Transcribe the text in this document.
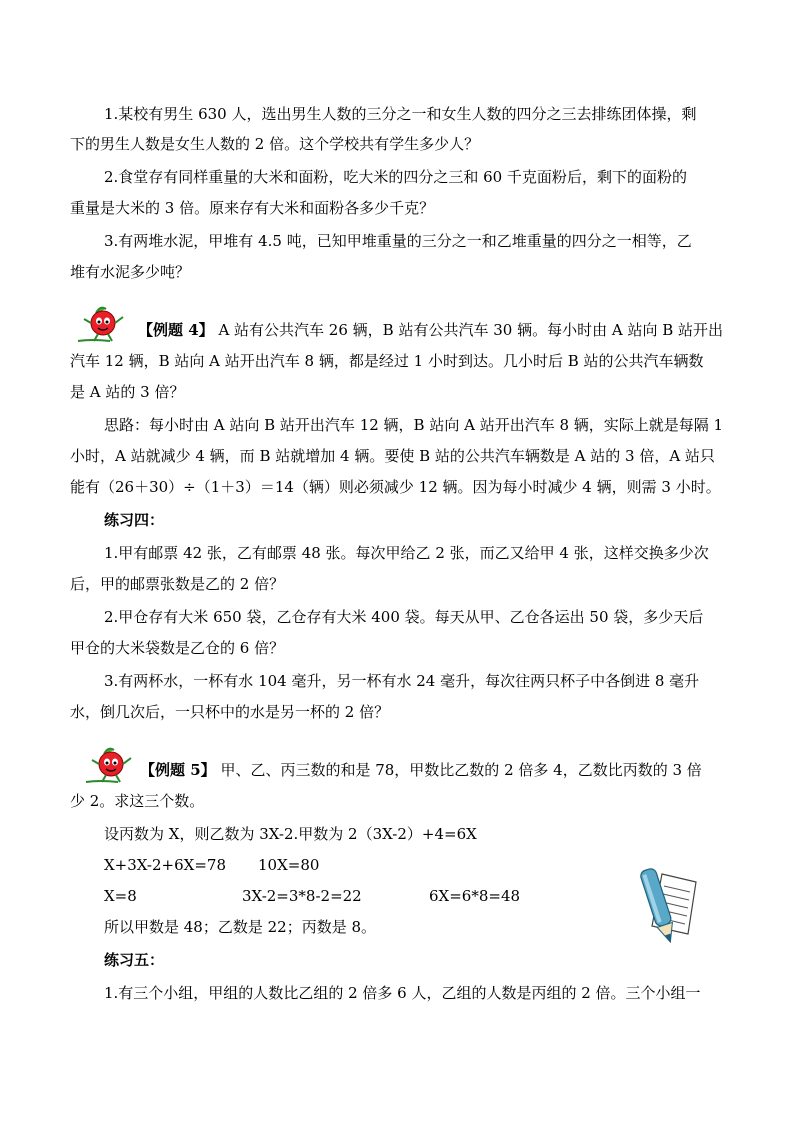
1.某校有男生 630 人，选出男生人数的三分之一和女生人数的四分之三去排练团体操，剩
下的男生人数是女生人数的 2 倍。这个学校共有学生多少人？
2.食堂存有同样重量的大米和面粉，吃大米的四分之三和 60 千克面粉后，剩下的面粉的
重量是大米的 3 倍。原来存有大米和面粉各多少千克？
3.有两堆水泥，甲堆有 4.5 吨，已知甲堆重量的三分之一和乙堆重量的四分之一相等，乙
堆有水泥多少吨？
【例题 4】 A 站有公共汽车 26 辆，B 站有公共汽车 30 辆。每小时由 A 站向 B 站开出
汽车 12 辆，B 站向 A 站开出汽车 8 辆，都是经过 1 小时到达。几小时后 B 站的公共汽车辆数
是 A 站的 3 倍？
思路：每小时由 A 站向 B 站开出汽车 12 辆，B 站向 A 站开出汽车 8 辆，实际上就是每隔 1
小时，A 站就减少 4 辆，而 B 站就增加 4 辆。要使 B 站的公共汽车辆数是 A 站的 3 倍，A 站只
能有（26＋30）÷（1＋3）＝14（辆）则必须减少 12 辆。因为每小时减少 4 辆，则需 3 小时。
练习四：
1.甲有邮票 42 张，乙有邮票 48 张。每次甲给乙 2 张，而乙又给甲 4 张，这样交换多少次
后，甲的邮票张数是乙的 2 倍？
2.甲仓存有大米 650 袋，乙仓存有大米 400 袋。每天从甲、乙仓各运出 50 袋，多少天后
甲仓的大米袋数是乙仓的 6 倍？
3.有两杯水，一杯有水 104 毫升，另一杯有水 24 毫升，每次往两只杯子中各倒进 8 毫升
水，倒几次后，一只杯中的水是另一杯的 2 倍？
【例题 5】 甲、乙、丙三数的和是 78，甲数比乙数的 2 倍多 4，乙数比丙数的 3 倍
少 2。求这三个数。
设丙数为 X，则乙数为 3X-2.甲数为 2（3X-2）+4=6X
X+3X-2+6X=78 10X=80
X=8	3X-2=3*8-2=22	6X=6*8=48
所以甲数是 48；乙数是 22；丙数是 8。
练习五：
1.有三个小组，甲组的人数比乙组的 2 倍多 6 人，乙组的人数是丙组的 2 倍。三个小组一
